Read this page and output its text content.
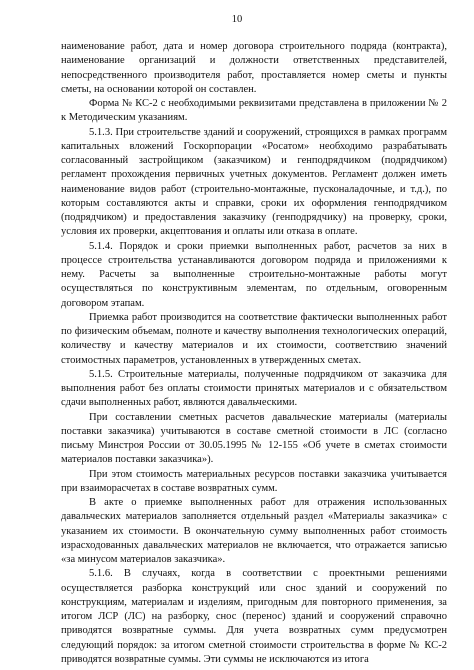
10

наименование работ, дата и номер договора строительного подряда (контракта), наименование организаций и должности ответственных представителей, непосредственного производителя работ, проставляется номер сметы и пункты сметы, на основании которой он составлен.

Форма № КС-2 с необходимыми реквизитами представлена в приложении № 2 к Методическим указаниям.

5.1.3. При строительстве зданий и сооружений, строящихся в рамках программ капитальных вложений Госкорпорации «Росатом» необходимо разрабатывать согласованный застройщиком (заказчиком) и генподрядчиком (подрядчиком) регламент прохождения первичных учетных документов. Регламент должен иметь наименование видов работ (строительно-монтажные, пусконаладочные, и т.д.), по которым составляются акты и справки, сроки их оформления генподрядчиком (подрядчиком) и предоставления заказчику (генподрядчику) на проверку, сроки, условия их проверки, акцептования и оплаты или отказа в оплате.

5.1.4. Порядок и сроки приемки выполненных работ, расчетов за них в процессе строительства устанавливаются договором подряда и приложениями к нему. Расчеты за выполненные строительно-монтажные работы могут осуществляться по конструктивным элементам, по отдельным, оговоренным договором этапам.

Приемка работ производится на соответствие фактически выполненных работ по физическим объемам, полноте и качеству выполнения технологических операций, количеству и качеству материалов и их стоимости, соответствию значений стоимостных параметров, установленных в утвержденных сметах.

5.1.5. Строительные материалы, полученные подрядчиком от заказчика для выполнения работ без оплаты стоимости принятых материалов и с обязательством сдачи выполненных работ, являются давальческими.

При составлении сметных расчетов давальческие материалы (материалы поставки заказчика) учитываются в составе сметной стоимости в ЛС (согласно письму Минстроя России от 30.05.1995 № 12-155 «Об учете в сметах стоимости материалов поставки заказчика»).

При этом стоимость материальных ресурсов поставки заказчика учитывается при взаиморасчетах в составе возвратных сумм.

В акте о приемке выполненных работ для отражения использованных давальческих материалов заполняется отдельный раздел «Материалы заказчика» с указанием их стоимости. В окончательную сумму выполненных работ стоимость израсходованных давальческих материалов не включается, что отражается записью «за минусом материалов заказчика».

5.1.6. В случаях, когда в соответствии с проектными решениями осуществляется разборка конструкций или снос зданий и сооружений по конструкциям, материалам и изделиям, пригодным для повторного применения, за итогом ЛСР (ЛС) на разборку, снос (перенос) зданий и сооружений справочно приводятся возвратные суммы. Для учета возвратных сумм предусмотрен следующий порядок: за итогом сметной стоимости строительства в форме № КС-2 приводятся возвратные суммы. Эти суммы не исключаются из итога
